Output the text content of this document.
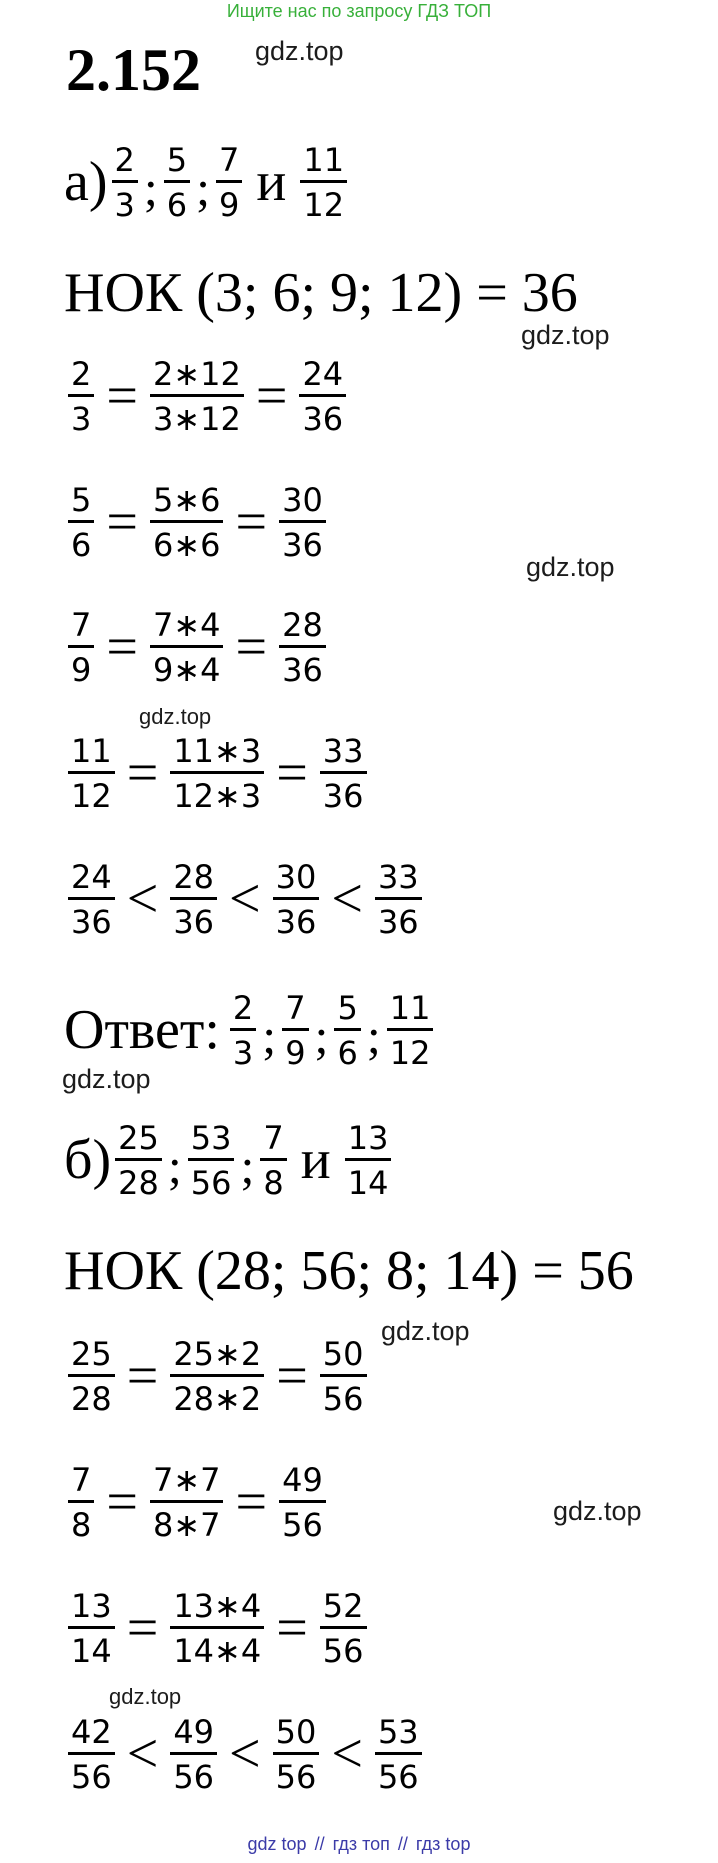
Ищите нас по запросу ГДЗ ТОП
2.152 gdz.top
gdz.top
gdz.top
gdz.top
gdz.top
gdz.top
gdz.top
gdz.top
$а) \frac{2}{3}$ ; $\frac{5}{6}$ ; $\frac{7}{9}$ и $\frac{11}{12}$
НОК (3; 6; 9; 12) = 36
$\frac{2}{3} = \frac{2∗12}{3∗12} = \frac{24}{36}$
$\frac{5}{6} = \frac{5∗6}{6∗6} = \frac{30}{36}$
$\frac{7}{9} = \frac{7∗4}{9∗4} = \frac{28}{36}$
$\frac{11}{12} = \frac{11∗3}{12∗3} = \frac{33}{36}$
$\frac{24}{36} < \frac{28}{36} < \frac{30}{36} < \frac{33}{36}$
Ответ: $\frac{2}{3}$ ; $\frac{7}{9}$ ; $\frac{5}{6}$ ; $\frac{11}{12}$
$б) \frac{25}{28}$ ; $\frac{53}{56}$ ; $\frac{7}{8}$ и $\frac{13}{14}$
НОК (28; 56; 8; 14) = 56
$\frac{25}{28} = \frac{25∗2}{28∗2} = \frac{50}{56}$
$\frac{7}{8} = \frac{7∗7}{8∗7} = \frac{49}{56}$
$\frac{13}{14} = \frac{13∗4}{14∗4} = \frac{52}{56}$
$\frac{42}{56} < \frac{49}{56} < \frac{50}{56} < \frac{53}{56}$
gdz top // гдз топ // гдз top
